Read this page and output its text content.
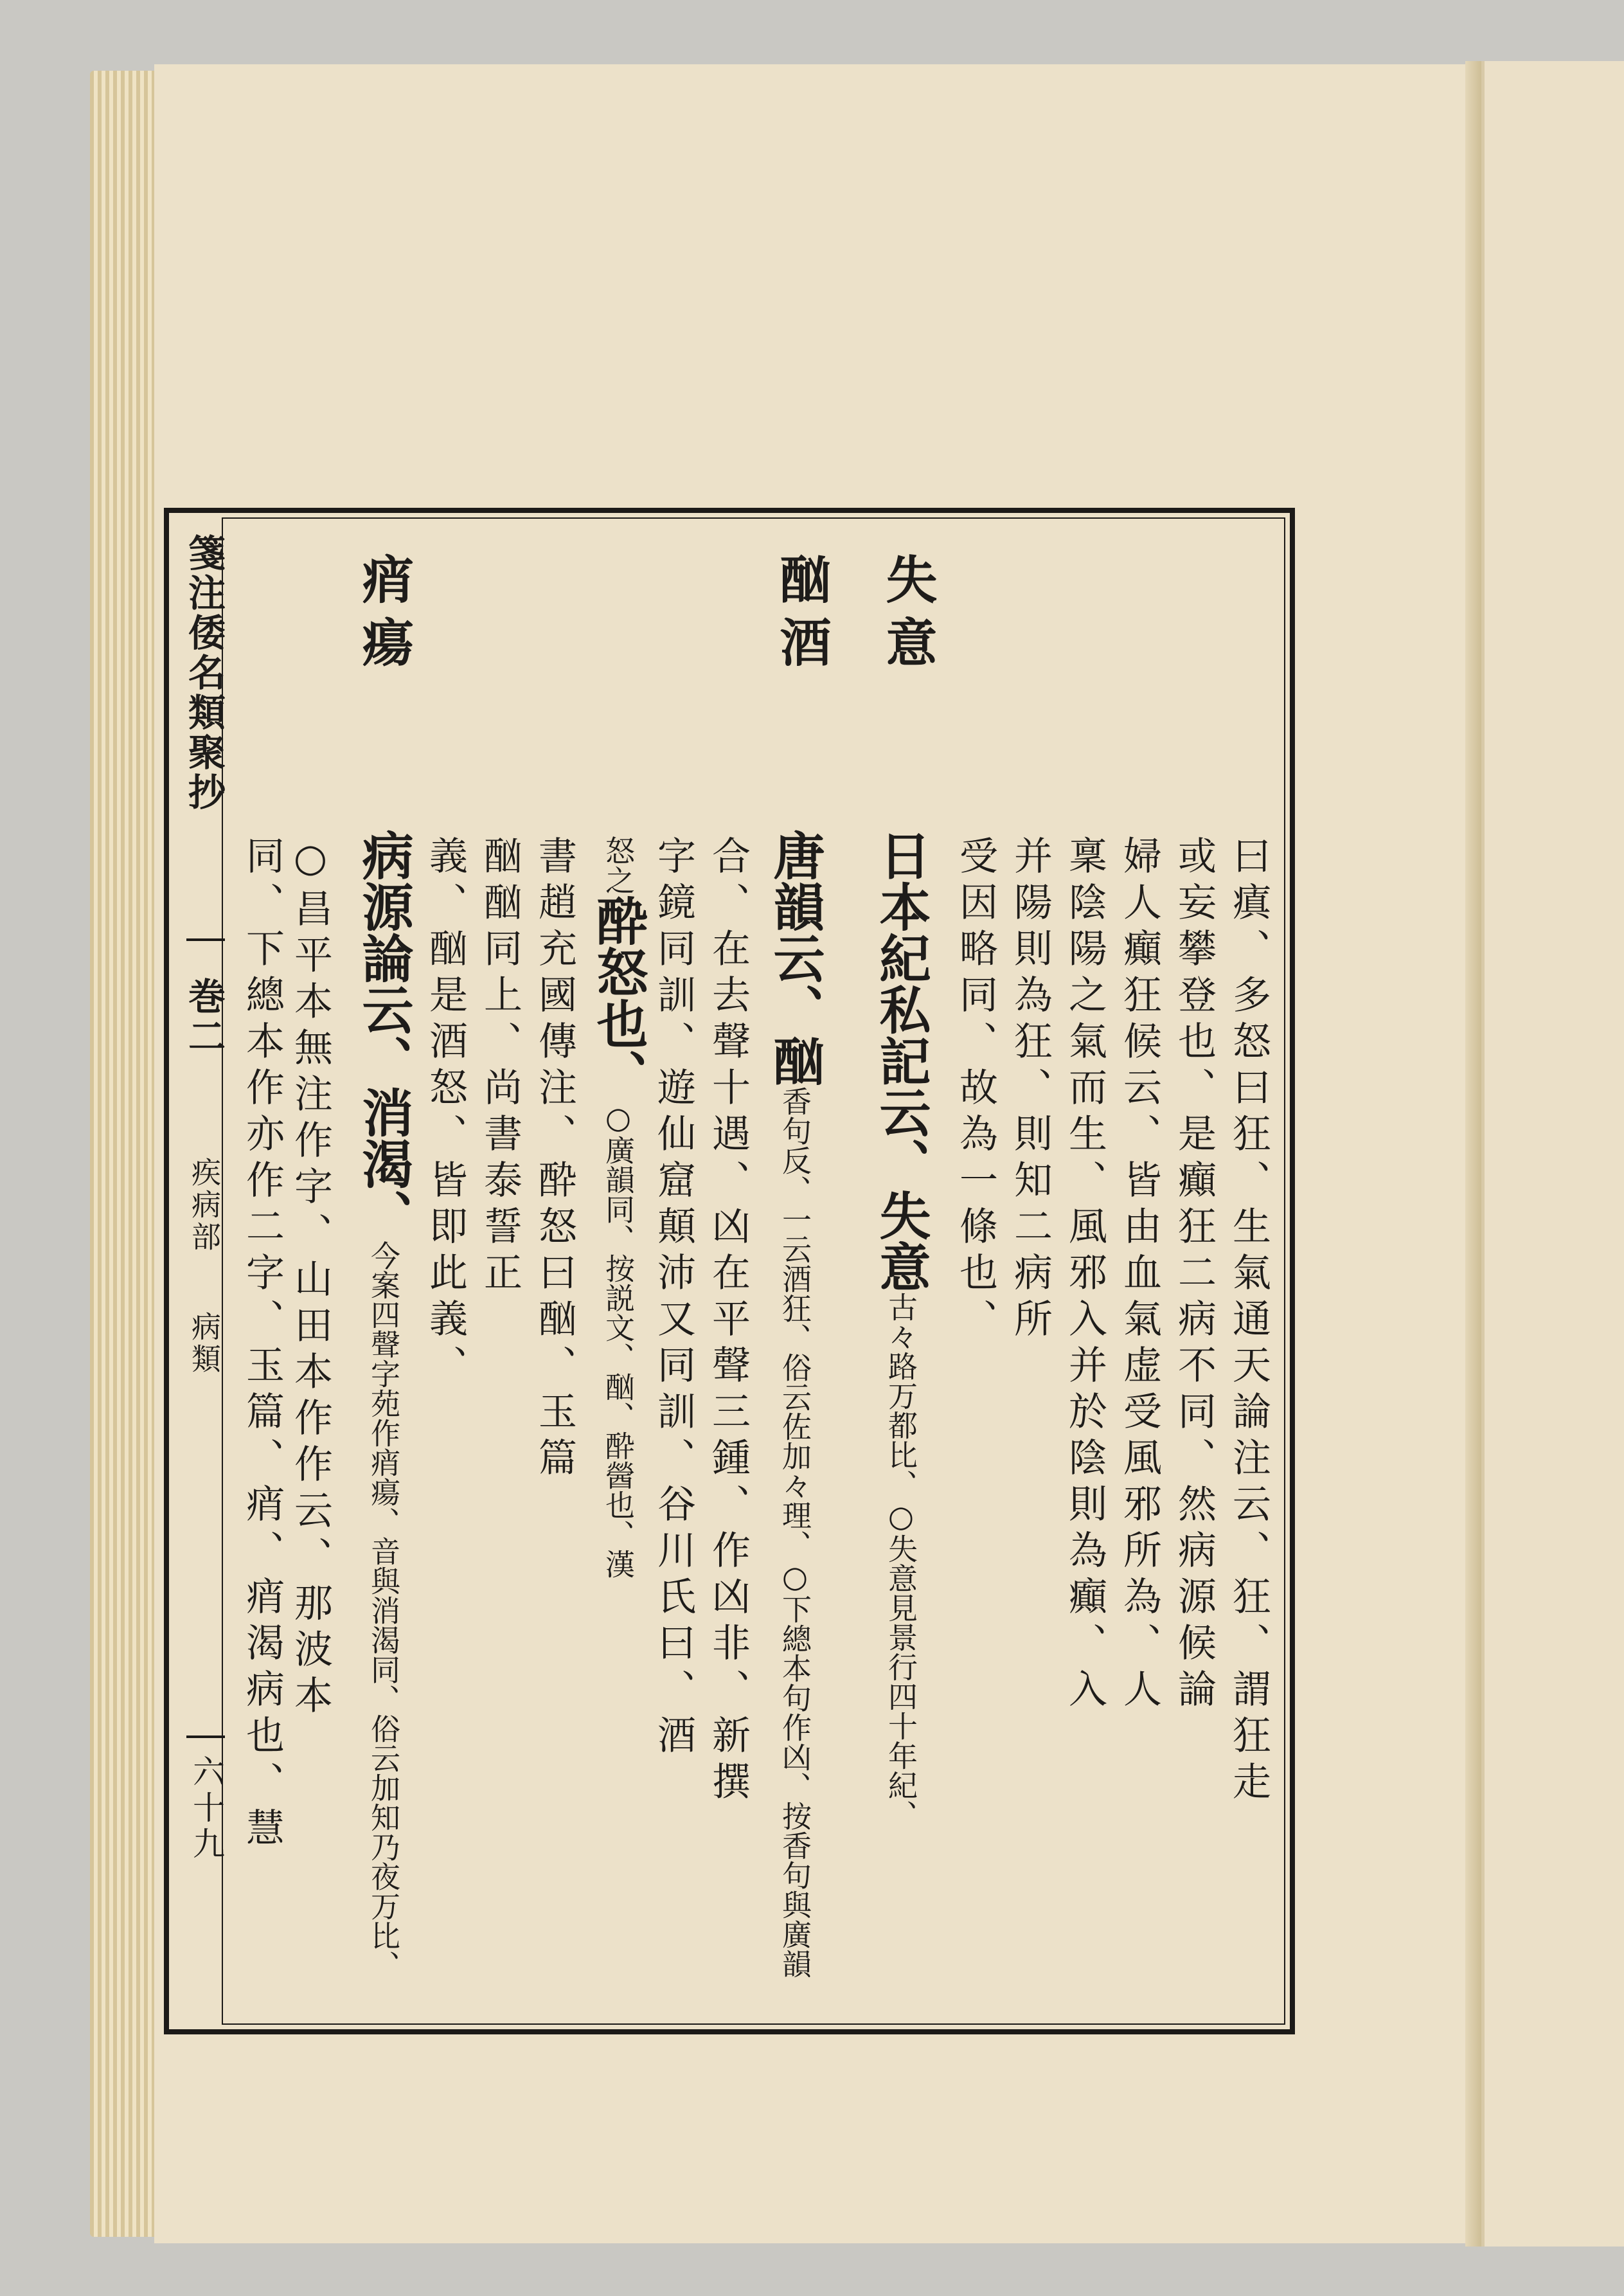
箋注倭名類聚抄

巻二

疾病部

病類

六十九

曰瘨、多怒曰狂、生氣通天論注云、狂、謂狂走

或妄攀登也、是癲狂二病不同、然病源候論

婦人癲狂候云、皆由血氣虚受風邪所為、人

稟陰陽之氣而生、風邪入并於陰則為癲、入

并陽則為狂、則知二病所

受因略同、故為一條也、

失意

日本紀私記云、失意古々路万都比、○失意見景行四十年紀、

酗酒

唐韻云、酗香句反、一云酒狂、俗云佐加々理、○下總本句作凶、按香句與廣韻

合、在去聲十遇、凶在平聲三鍾、作凶非、新撰

字鏡同訓、遊仙窟顛沛又同訓、谷川氏曰、酒

怒之酔怒也、○廣韻同、按説文、酗、酔醟也、漢

書趙充國傳注、酔怒曰酗、玉篇

酗酗同上、尚書泰誓正

義、酗是酒怒、皆即此義、

痟瘍

病源論云、消渴、今案四聲字苑作痟瘍、音與消渴同、俗云加知乃夜万比、

○昌平本無注作字、山田本作作云、那波本

同、下總本作亦作二字、玉篇、痟、痟渴病也、慧
